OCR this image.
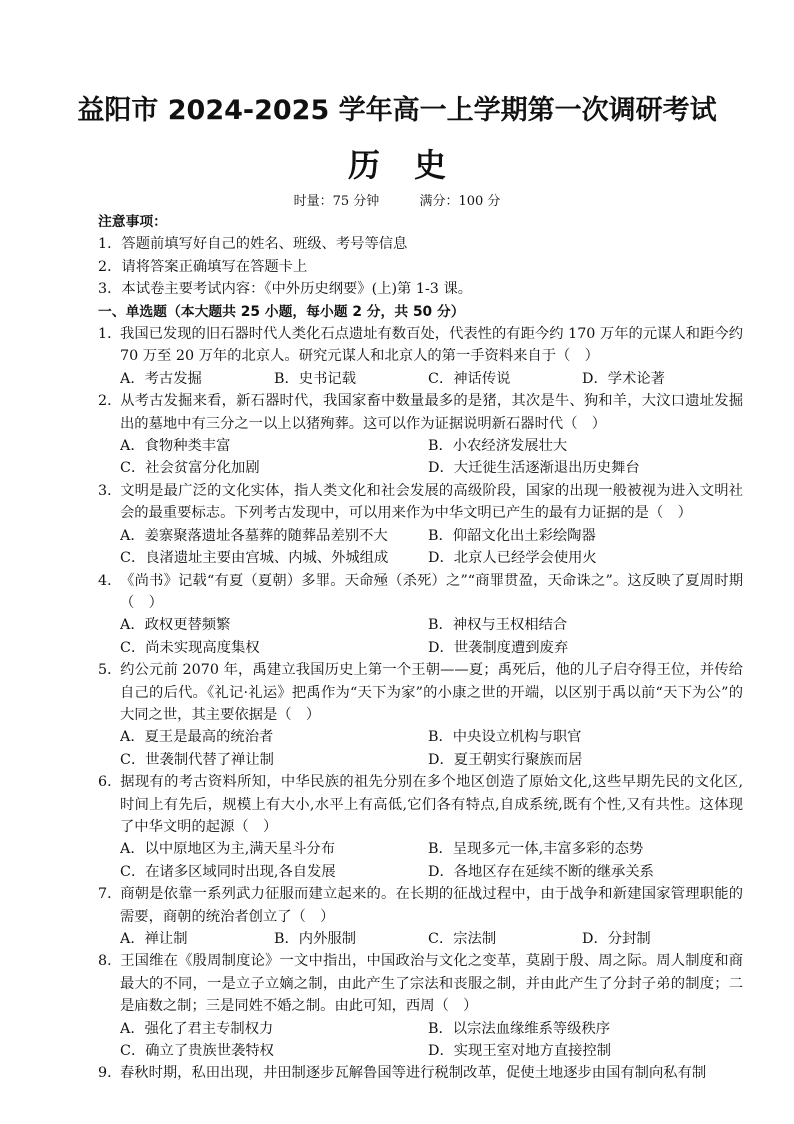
益阳市 2024-2025 学年高一上学期第一次调研考试
历史
时量：75 分钟	满分：100 分
注意事项：
1．答题前填写好自己的姓名、班级、考号等信息
2．请将答案正确填写在答题卡上
3．本试卷主要考试内容：《中外历史纲要》(上)第 1-3 课。
一、单选题（本大题共 25 小题，每小题 2 分，共 50 分）
1．我国已发现的旧石器时代人类化石点遗址有数百处，代表性的有距今约 170 万年的元谋人和距今约 70 万至 20 万年的北京人。研究元谋人和北京人的第一手资料来自于（　）
A．考古发掘	B．史书记载	C．神话传说	D．学术论著
2．从考古发掘来看，新石器时代，我国家畜中数量最多的是猪，其次是牛、狗和羊，大汶口遗址发掘出的墓地中有三分之一以上以猪殉葬。这可以作为证据说明新石器时代（　）
A．食物种类丰富	B．小农经济发展壮大
C．社会贫富分化加剧	D．大迁徙生活逐渐退出历史舞台
3．文明是最广泛的文化实体，指人类文化和社会发展的高级阶段，国家的出现一般被视为进入文明社会的最重要标志。下列考古发现中，可以用来作为中华文明已产生的最有力证据的是（　）
A．姜寨聚落遗址各墓葬的随葬品差别不大	B．仰韶文化出土彩绘陶器
C．良渚遗址主要由宫城、内城、外城组成	D．北京人已经学会使用火
4．《尚书》记载“有夏（夏朝）多罪。天命殛（杀死）之”“商罪贯盈，天命诛之”。这反映了夏周时期（　）
A．政权更替频繁	B．神权与王权相结合
C．尚未实现高度集权	D．世袭制度遭到废弃
5．约公元前 2070 年，禹建立我国历史上第一个王朝——夏；禹死后，他的儿子启夺得王位，并传给自己的后代。《礼记·礼运》把禹作为“天下为家”的小康之世的开端，以区别于禹以前“天下为公”的大同之世，其主要依据是（　）
A．夏王是最高的统治者	B．中央设立机构与职官
C．世袭制代替了禅让制	D．夏王朝实行聚族而居
6．据现有的考古资料所知，中华民族的祖先分别在多个地区创造了原始文化,这些早期先民的文化区,时间上有先后，规模上有大小,水平上有高低,它们各有特点,自成系统,既有个性,又有共性。这体现了中华文明的起源（　）
A．以中原地区为主,满天星斗分布	B．呈现多元一体,丰富多彩的态势
C．在诸多区域同时出现,各自发展	D．各地区存在延续不断的继承关系
7．商朝是依靠一系列武力征服而建立起来的。在长期的征战过程中，由于战争和新建国家管理职能的需要，商朝的统治者创立了（　）
A．禅让制	B．内外服制	C．宗法制	D．分封制
8．王国维在《殷周制度论》一文中指出，中国政治与文化之变革，莫剧于殷、周之际。周人制度和商最大的不同，一是立子立嫡之制，由此产生了宗法和丧服之制，并由此产生了分封子弟的制度；二是庙数之制；三是同姓不婚之制。由此可知，西周（　）
A．强化了君主专制权力	B．以宗法血缘维系等级秩序
C．确立了贵族世袭特权	D．实现王室对地方直接控制
9．春秋时期，私田出现，井田制逐步瓦解鲁国等进行税制改革，促使土地逐步由国有制向私有制
